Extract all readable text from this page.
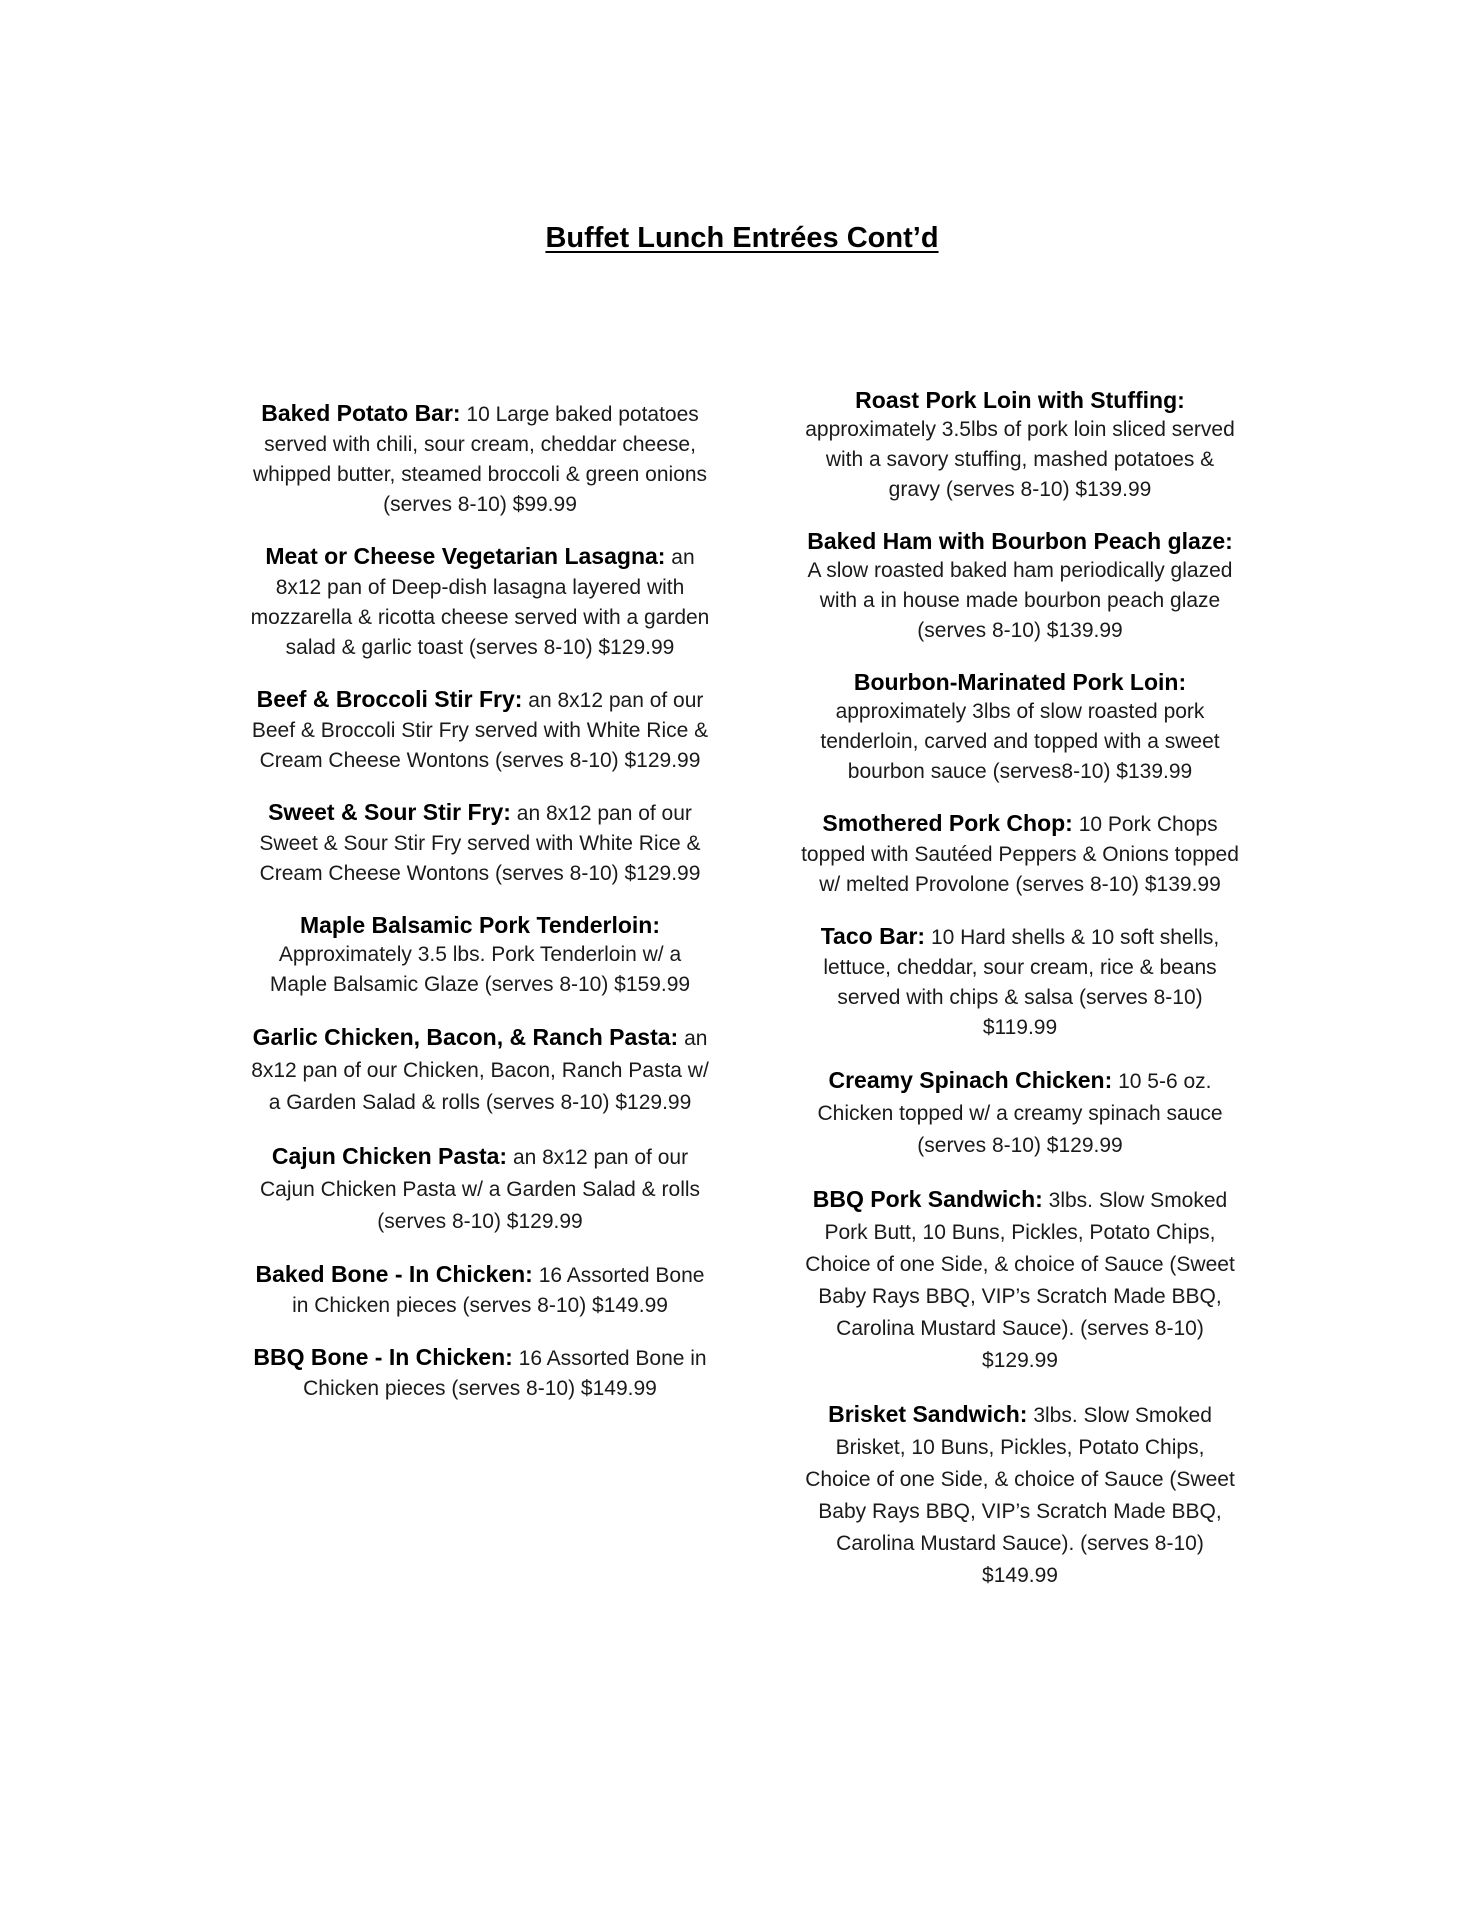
Buffet Lunch Entrées Cont’d

Baked Potato Bar: 10 Large baked potatoes served with chili, sour cream, cheddar cheese, whipped butter, steamed broccoli & green onions (serves 8-10) $99.99

Meat or Cheese Vegetarian Lasagna: an 8x12 pan of Deep-dish lasagna layered with mozzarella & ricotta cheese served with a garden salad & garlic toast (serves 8-10) $129.99

Beef & Broccoli Stir Fry: an 8x12 pan of our Beef & Broccoli Stir Fry served with White Rice & Cream Cheese Wontons (serves 8-10) $129.99

Sweet & Sour Stir Fry: an 8x12 pan of our Sweet & Sour Stir Fry served with White Rice & Cream Cheese Wontons (serves 8-10) $129.99

Maple Balsamic Pork Tenderloin:
Approximately 3.5 lbs. Pork Tenderloin w/ a Maple Balsamic Glaze (serves 8-10) $159.99

Garlic Chicken, Bacon, & Ranch Pasta: an 8x12 pan of our Chicken, Bacon, Ranch Pasta w/ a Garden Salad & rolls (serves 8-10) $129.99

Cajun Chicken Pasta: an 8x12 pan of our Cajun Chicken Pasta w/ a Garden Salad & rolls (serves 8-10) $129.99

Baked Bone - In Chicken: 16 Assorted Bone in Chicken pieces (serves 8-10) $149.99

BBQ Bone - In Chicken: 16 Assorted Bone in Chicken pieces (serves 8-10) $149.99

Roast Pork Loin with Stuffing:
approximately 3.5lbs of pork loin sliced served with a savory stuffing, mashed potatoes & gravy (serves 8-10) $139.99

Baked Ham with Bourbon Peach glaze:
A slow roasted baked ham periodically glazed with a in house made bourbon peach glaze (serves 8-10) $139.99

Bourbon-Marinated Pork Loin:
approximately 3lbs of slow roasted pork tenderloin, carved and topped with a sweet bourbon sauce (serves8-10) $139.99

Smothered Pork Chop: 10 Pork Chops topped with Sautéed Peppers & Onions topped w/ melted Provolone (serves 8-10) $139.99

Taco Bar: 10 Hard shells & 10 soft shells, lettuce, cheddar, sour cream, rice & beans served with chips & salsa (serves 8-10) $119.99

Creamy Spinach Chicken: 10 5-6 oz. Chicken topped w/ a creamy spinach sauce (serves 8-10) $129.99

BBQ Pork Sandwich: 3lbs. Slow Smoked Pork Butt, 10 Buns, Pickles, Potato Chips, Choice of one Side, & choice of Sauce (Sweet Baby Rays BBQ, VIP’s Scratch Made BBQ, Carolina Mustard Sauce). (serves 8-10) $129.99

Brisket Sandwich: 3lbs. Slow Smoked Brisket, 10 Buns, Pickles, Potato Chips, Choice of one Side, & choice of Sauce (Sweet Baby Rays BBQ, VIP’s Scratch Made BBQ, Carolina Mustard Sauce). (serves 8-10) $149.99
